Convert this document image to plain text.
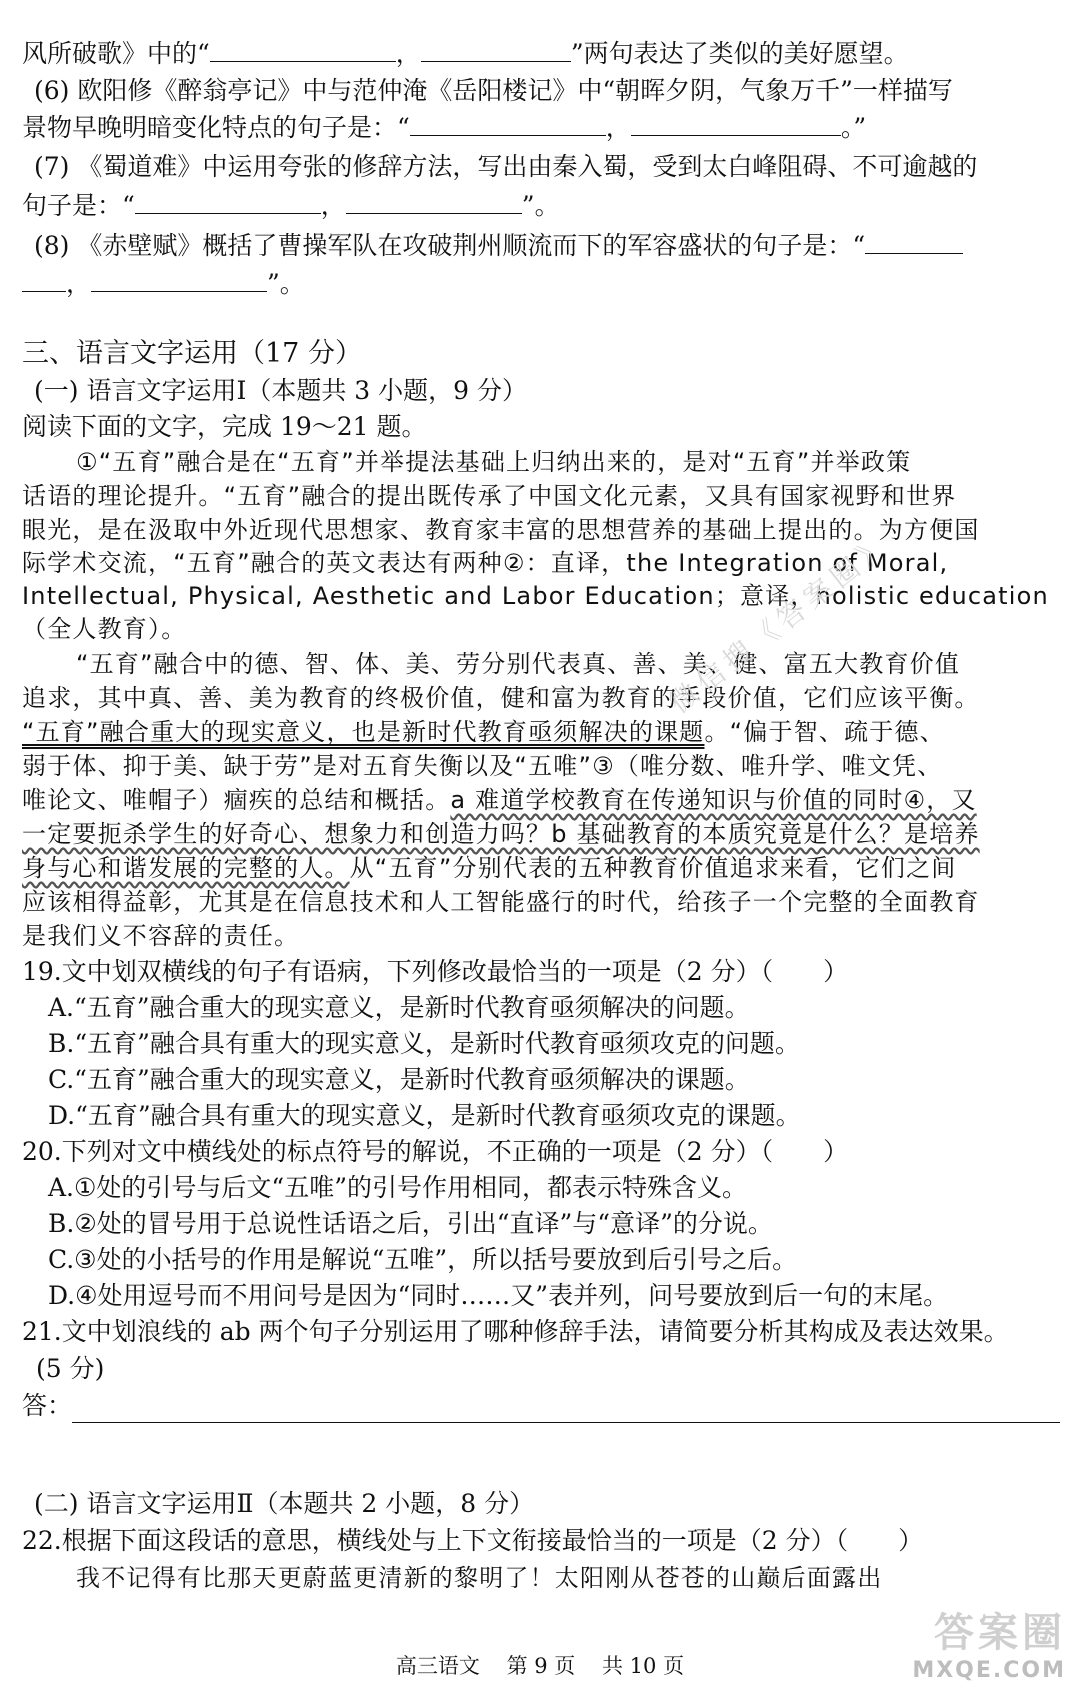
风所破歌》中的“	，	”两句表达了类似的美好愿望。
(6) 欧阳修《醉翁亭记》中与范仲淹《岳阳楼记》中“朝晖夕阴，气象万千”一样描写
景物早晚明暗变化特点的句子是：“	，	。”
(7) 《蜀道难》中运用夸张的修辞方法，写出由秦入蜀，受到太白峰阻碍、不可逾越的
句子是：“	，	”。
(8) 《赤壁赋》概括了曹操军队在攻破荆州顺流而下的军容盛状的句子是：“
，	”。
三、语言文字运用（17 分）
(一) 语言文字运用Ⅰ（本题共 3 小题，9 分）
阅读下面的文字，完成 19～21 题。
①“五育”融合是在“五育”并举提法基础上归纳出来的，是对“五育”并举政策
话语的理论提升。“五育”融合的提出既传承了中国文化元素，又具有国家视野和世界
眼光，是在汲取中外近现代思想家、教育家丰富的思想营养的基础上提出的。为方便国
际学术交流，“五育”融合的英文表达有两种②：直译，the Integration of Moral,
Intellectual, Physical, Aesthetic and Labor Education；意译，holistic education
（全人教育）。
“五育”融合中的德、智、体、美、劳分别代表真、善、美、健、富五大教育价值
追求，其中真、善、美为教育的终极价值，健和富为教育的手段价值，它们应该平衡。
“五育”融合重大的现实意义，也是新时代教育亟须解决的课题。“偏于智、疏于德、
弱于体、抑于美、缺于劳”是对五育失衡以及“五唯”③（唯分数、唯升学、唯文凭、
唯论文、唯帽子）痼疾的总结和概括。a 难道学校教育在传递知识与价值的同时④，又
一定要扼杀学生的好奇心、想象力和创造力吗？b 基础教育的本质究竟是什么？是培养
身与心和谐发展的完整的人。从“五育”分别代表的五种教育价值追求来看，它们之间
应该相得益彰，尤其是在信息技术和人工智能盛行的时代，给孩子一个完整的全面教育
是我们义不容辞的责任。
19.文中划双横线的句子有语病，下列修改最恰当的一项是（2 分）（　　）
A.“五育”融合重大的现实意义，是新时代教育亟须解决的问题。
B.“五育”融合具有重大的现实意义，是新时代教育亟须攻克的问题。
C.“五育”融合重大的现实意义，是新时代教育亟须解决的课题。
D.“五育”融合具有重大的现实意义，是新时代教育亟须攻克的课题。
20.下列对文中横线处的标点符号的解说，不正确的一项是（2 分）（　　）
A.①处的引号与后文“五唯”的引号作用相同，都表示特殊含义。
B.②处的冒号用于总说性话语之后，引出“直译”与“意译”的分说。
C.③处的小括号的作用是解说“五唯”，所以括号要放到后引号之后。
D.④处用逗号而不用问号是因为“同时……又”表并列，问号要放到后一句的末尾。
21.文中划浪线的 ab 两个句子分别运用了哪种修辞手法，请简要分析其构成及表达效果。
(5 分)
答：
(二) 语言文字运用Ⅱ（本题共 2 小题，8 分）
22.根据下面这段话的意思，横线处与上下文衔接最恰当的一项是（2 分）（　　）
我不记得有比那天更蔚蓝更清新的黎明了！太阳刚从苍苍的山巅后面露出
微信搜《答案圈》
高三语文 第 9 页 共 10 页
答案圈
MXQE.COM
